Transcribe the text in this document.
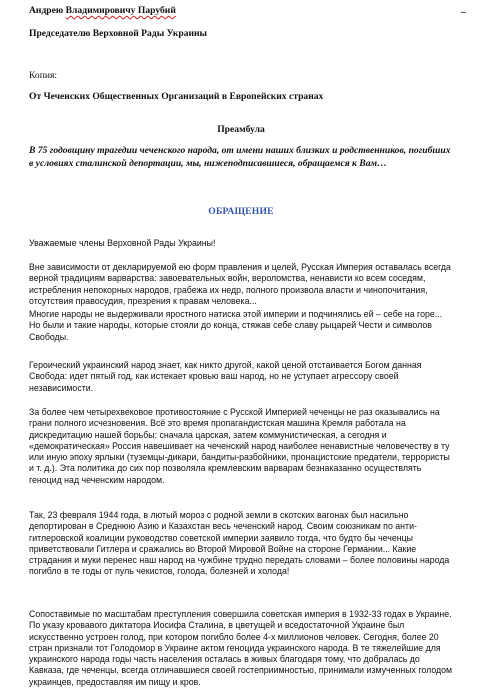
Андрею Владимировичу Парубий	–
Председателю Верховной Рады Украины
Копия:
От Чеченских Общественных Организаций в Европейских странах
Преамбула
В 75 годовщину трагедии чеченского народа, от имени наших близких и родственников, погибших в условиях сталинской депортации, мы, нижеподписавшиеся, обращаемся к Вам…
ОБРАЩЕНИЕ
Уважаемые члены Верховной Рады Украины!

Вне зависимости от декларируемой ею форм правления и целей, Русская Империя оставалась всегда верной традициям варварства: завоевательных войн, вероломства, ненависти ко всем соседям, истребления непокорных народов, грабежа их недр, полного произвола власти и чинопочитания, отсутствия правосудия, презрения к правам человека...

Многие народы не выдерживали яростного натиска этой империи и подчинялись ей – себе на горе... Но были и такие народы, которые стояли до конца, стяжав себе славу рыцарей Чести и символов Свободы.

Героический украинский народ знает, как никто другой, какой ценой отстаивается Богом данная Свобода: идет пятый год, как истекает кровью ваш народ, но не уступает агрессору своей независимости.

За более чем четырехвековое противостояние с Русской Империей чеченцы не раз оказывались на грани полного исчезновения. Всё это время пропагандистская машина Кремля работала на дискредитацию нашей борьбы: сначала царская, затем коммунистическая, а сегодня и «демократическая» Россия навешивает на чеченский народ наиболее ненавистные человечеству в ту или иную эпоху ярлыки (туземцы-дикари, бандиты-разбойники, пронацистские предатели, террористы и т. д.). Эта политика до сих пор позволяла кремлевским варварам безнаказанно осуществлять геноцид над чеченским народом.

Так, 23 февраля 1944 года, в лютый мороз с родной земли в скотских вагонах был насильно депортирован в Среднюю Азию и Казахстан весь чеченский народ. Своим союзникам по анти-гитлеровской коалиции руководство советской империи заявило тогда, что будто бы чеченцы приветствовали Гитлера и сражались во Второй Мировой Войне на стороне Германии... Какие страдания и муки перенес наш народ на чужбине трудно передать словами – более половины народа погибло в те годы от пуль чекистов, голода, болезней и холода!

Сопоставимые по масштабам преступления совершила советская империя в 1932-33 годах в Украине. По указу кровавого диктатора Иосифа Сталина, в цветущей и вседостаточной Украине был искусственно устроен голод, при котором погибло более 4-х миллионов человек. Сегодня, более 20 стран признали тот Голодомор в Украине актом геноцида украинского народа. В те тяжелейшие для украинского народа годы часть населения осталась в живых благодаря тому, что добралась до Кавказа, где чеченцы, всегда отличавшиеся своей гостеприимностью, принимали измученных голодом украинцев, предоставляя им пищу и кров.
